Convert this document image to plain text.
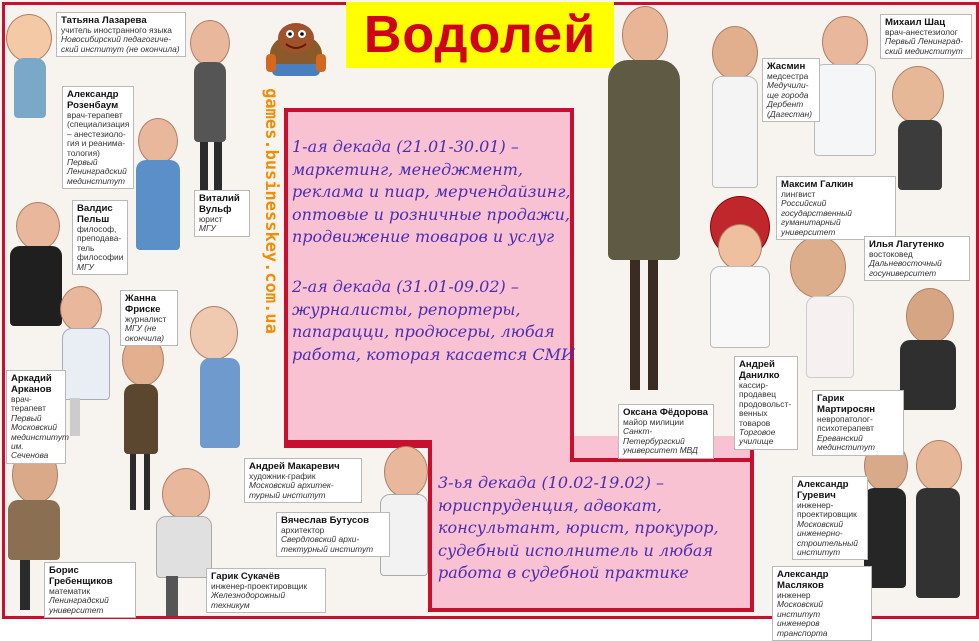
Водолей
games.businesskey.com.ua 1-ая декада (21.01-30.01) –
маркетинг, менеджмент,
реклама и пиар, мерчендайзинг,
оптовые и розничные продажи,
продвижение товаров и услуг
2-ая декада (31.01-09.02) –
журналисты, репортеры,
папарацци, продюсеры, любая
работа, которая касается СМИ
3-ья декада (10.02-19.02) –
юриспруденция, адвокат,
консультант, юрист, прокурор,
судебный исполнитель и любая
работа в судебной практике
Татьяна Лазарева
учитель иностранного языка
Новосибирский педагогиче-
ский институт (не окончила)
Александр Розенбаум
врач-терапевт
(специализация
– анестезиоло-
гия и реанима-
тология)
Первый
Ленинградский
мединститут
Виталий Вульф
юрист
МГУ
Валдис Пельш
философ,
преподава-
тель
философии
МГУ
Жанна Фриске
журналист
МГУ (не
окончила)
Аркадий Арканов
врач-терапевт
Первый
Московский
мединститут
им. Сеченова
Андрей Макаревич
художник-график
Московский архитек-
турный институт
Вячеслав Бутусов
архитектор
Свердловский архи-
тектурный институт
Борис Гребенщиков
математик
Ленинградский
университет
Гарик Сукачёв
инженер-проектировщик
Железнодорожный
техникум
Оксана Фёдорова
майор милиции
Санкт-Петербургский
университет МВД
Жасмин
медсестра
Медучили-
ще города
Дербент
(Дагестан)
Михаил Шац
врач-анестезиолог
Первый Ленинград-
ский мединститут
Максим Галкин
лингвист
Российский государственный
гуманитарный университет
Илья Лагутенко
востоковед
Дальневосточный
госуниверситет
Андрей Данилко
кассир-
продавец
продовольст-
венных товаров
Торговое
училище
Гарик Мартиросян
невропатолог-
психотерапевт
Ереванский
мединститут
Александр Гуревич
инженер-
проектировщик
Московский
инженерно-
строительный
институт
Александр Масляков
инженер
Московский институт
инженеров транспорта
